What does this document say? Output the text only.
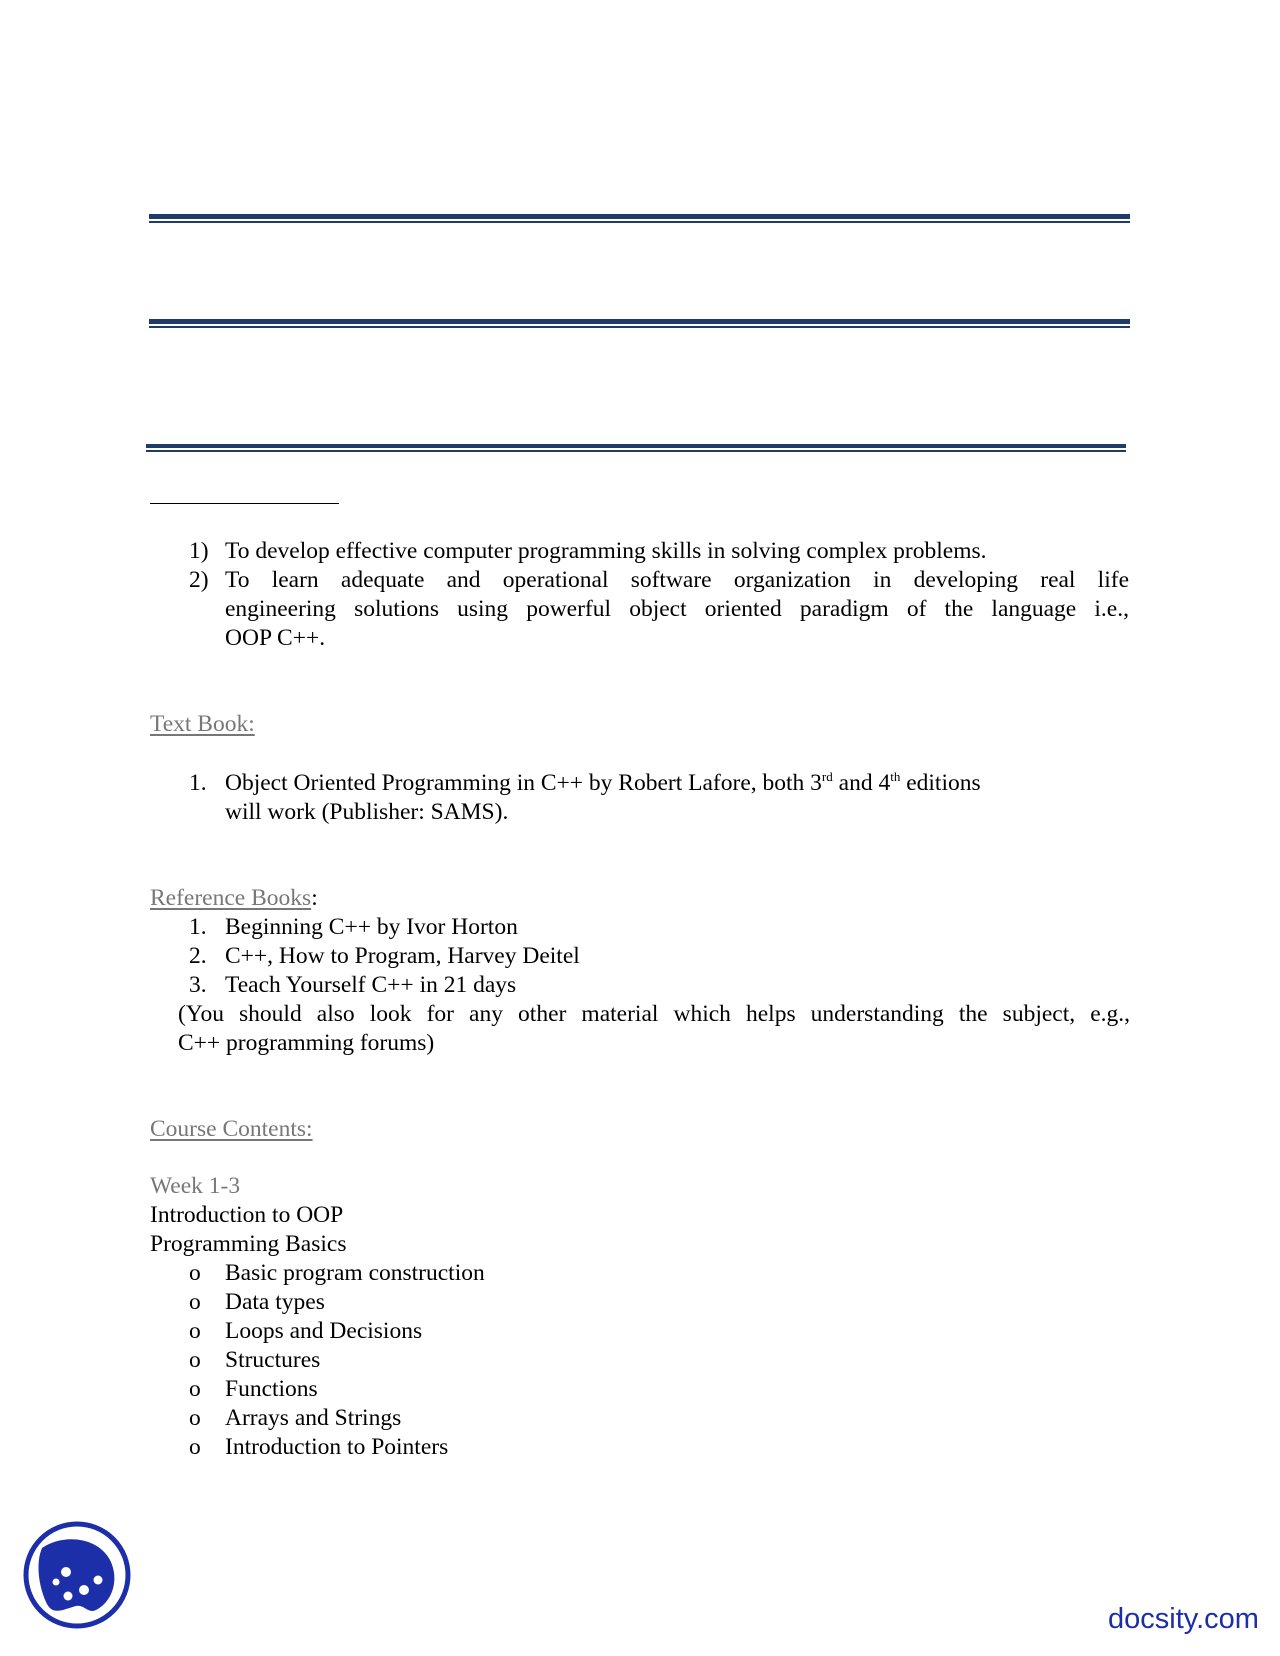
1) To develop effective computer programming skills in solving complex problems.
2) To learn adequate and operational software organization in developing real life
engineering solutions using powerful object oriented paradigm of the language i.e.,
OOP C++.
Text Book:
1. Object Oriented Programming in C++ by Robert Lafore, both 3rd and 4th editions
will work (Publisher: SAMS).
Reference Books:
1. Beginning C++ by Ivor Horton
2. C++, How to Program, Harvey Deitel
3. Teach Yourself C++ in 21 days
(You should also look for any other material which helps understanding the subject, e.g.,
C++ programming forums)
Course Contents:
Week 1-3
Introduction to OOP
Programming Basics
o Basic program construction
o Data types
o Loops and Decisions
o Structures
o Functions
o Arrays and Strings
o Introduction to Pointers
docsity.com
